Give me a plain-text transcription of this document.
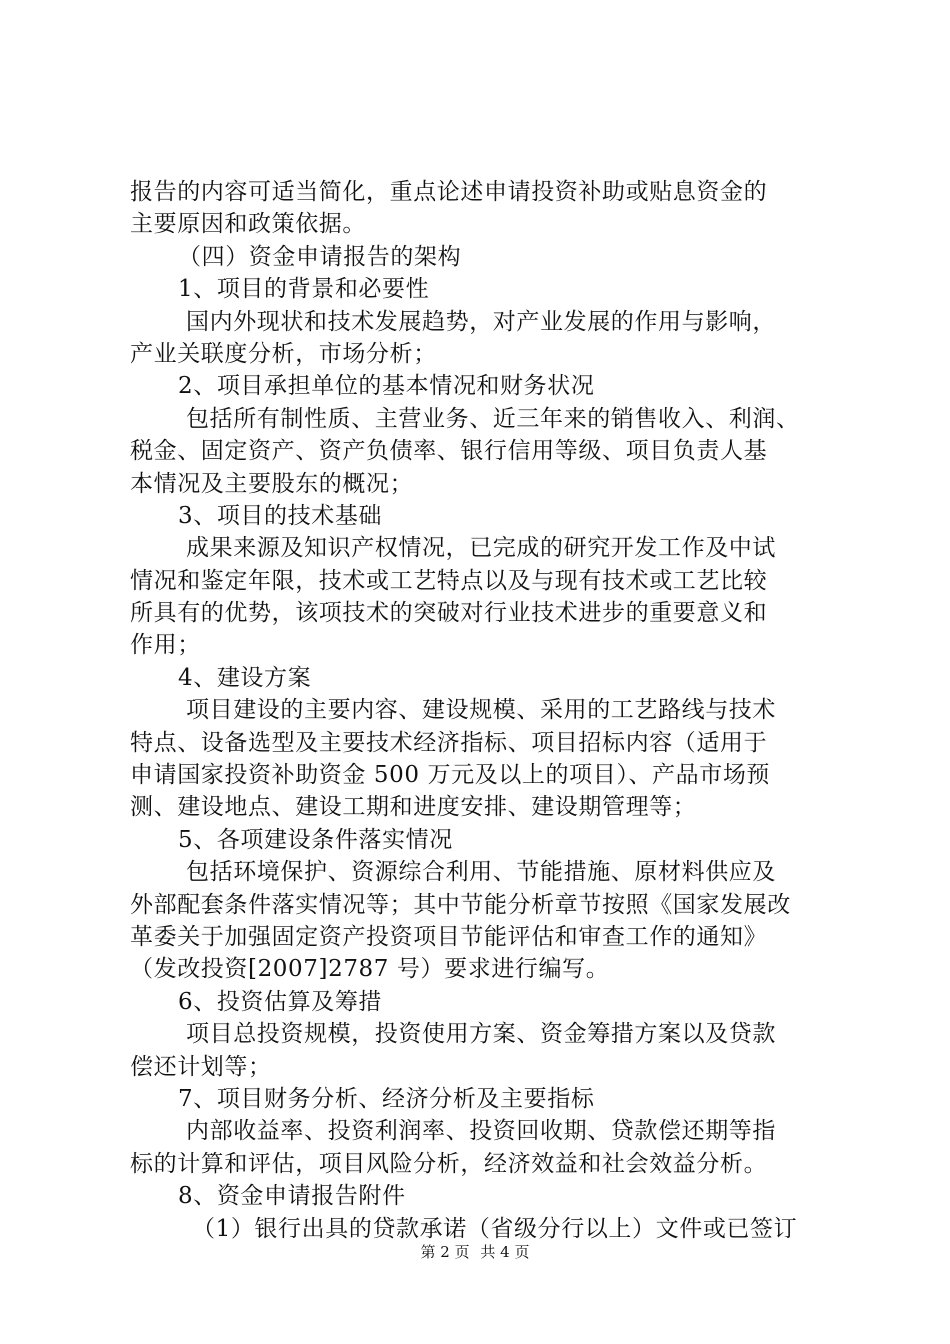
报告的内容可适当简化，重点论述申请投资补助或贴息资金的
主要原因和政策依据。
（四）资金申请报告的架构
1、项目的背景和必要性
国内外现状和技术发展趋势，对产业发展的作用与影响，
产业关联度分析，市场分析；
2、项目承担单位的基本情况和财务状况
包括所有制性质、主营业务、近三年来的销售收入、利润、
税金、固定资产、资产负债率、银行信用等级、项目负责人基
本情况及主要股东的概况；
3、项目的技术基础
成果来源及知识产权情况，已完成的研究开发工作及中试
情况和鉴定年限，技术或工艺特点以及与现有技术或工艺比较
所具有的优势，该项技术的突破对行业技术进步的重要意义和
作用；
4、建设方案
项目建设的主要内容、建设规模、采用的工艺路线与技术
特点、设备选型及主要技术经济指标、项目招标内容（适用于
申请国家投资补助资金 500 万元及以上的项目）、产品市场预
测、建设地点、建设工期和进度安排、建设期管理等；
5、各项建设条件落实情况
包括环境保护、资源综合利用、节能措施、原材料供应及
外部配套条件落实情况等；其中节能分析章节按照《国家发展改
革委关于加强固定资产投资项目节能评估和审查工作的通知》
（发改投资[2007]2787 号）要求进行编写。
6、投资估算及筹措
项目总投资规模，投资使用方案、资金筹措方案以及贷款
偿还计划等；
7、项目财务分析、经济分析及主要指标
内部收益率、投资利润率、投资回收期、贷款偿还期等指
标的计算和评估，项目风险分析，经济效益和社会效益分析。
8、资金申请报告附件
（1）银行出具的贷款承诺（省级分行以上）文件或已签订
第 2 页 共 4 页
